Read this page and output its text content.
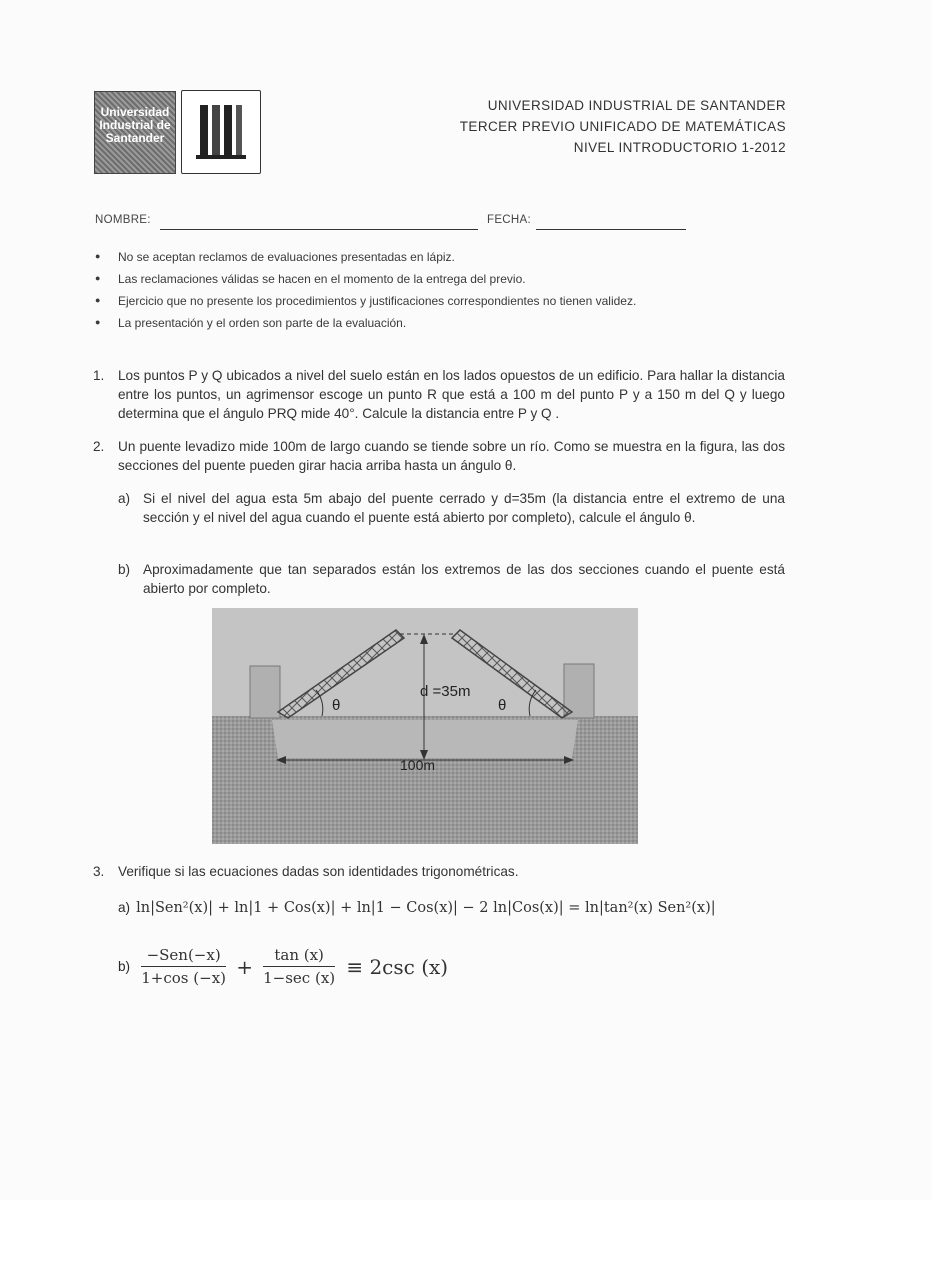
Universidad
Industrial de
Santander
UNIVERSIDAD INDUSTRIAL DE SANTANDER
TERCER PREVIO UNIFICADO DE MATEMÁTICAS
NIVEL INTRODUCTORIO 1-2012
NOMBRE:	FECHA:
● No se aceptan reclamos de evaluaciones presentadas en lápiz.
● Las reclamaciones válidas se hacen en el momento de la entrega del previo.
● Ejercicio que no presente los procedimientos y justificaciones correspondientes no tienen validez.
● La presentación y el orden son parte de la evaluación.
1. Los puntos P y Q ubicados a nivel del suelo están en los lados opuestos de un edificio. Para hallar la distancia entre los puntos, un agrimensor escoge un punto R que está a 100 m del punto P y a 150 m del Q y luego determina que el ángulo PRQ mide 40°. Calcule la distancia entre P y Q .
2. Un puente levadizo mide 100m de largo cuando se tiende sobre un río. Como se muestra en la figura, las dos secciones del puente pueden girar hacia arriba hasta un ángulo θ.
a) Si el nivel del agua esta 5m abajo del puente cerrado y d=35m (la distancia entre el extremo de una sección y el nivel del agua cuando el puente está abierto por completo), calcule el ángulo θ.
b) Aproximadamente que tan separados están los extremos de las dos secciones cuando el puente está abierto por completo.
θ	θ
d =35m
100m
3. Verifique si las ecuaciones dadas son identidades trigonométricas.
a) ln|Sen²(x)| + ln|1 + Cos(x)| + ln|1 − Cos(x)| − 2 ln|Cos(x)| = ln|tan²(x) Sen²(x)|
$b) \frac{\text{−Sen(−x)}}{1+\cos (-x)} + \frac{\tan (x)}{1-\sec (x)} \equiv 2\csc$ (x)
